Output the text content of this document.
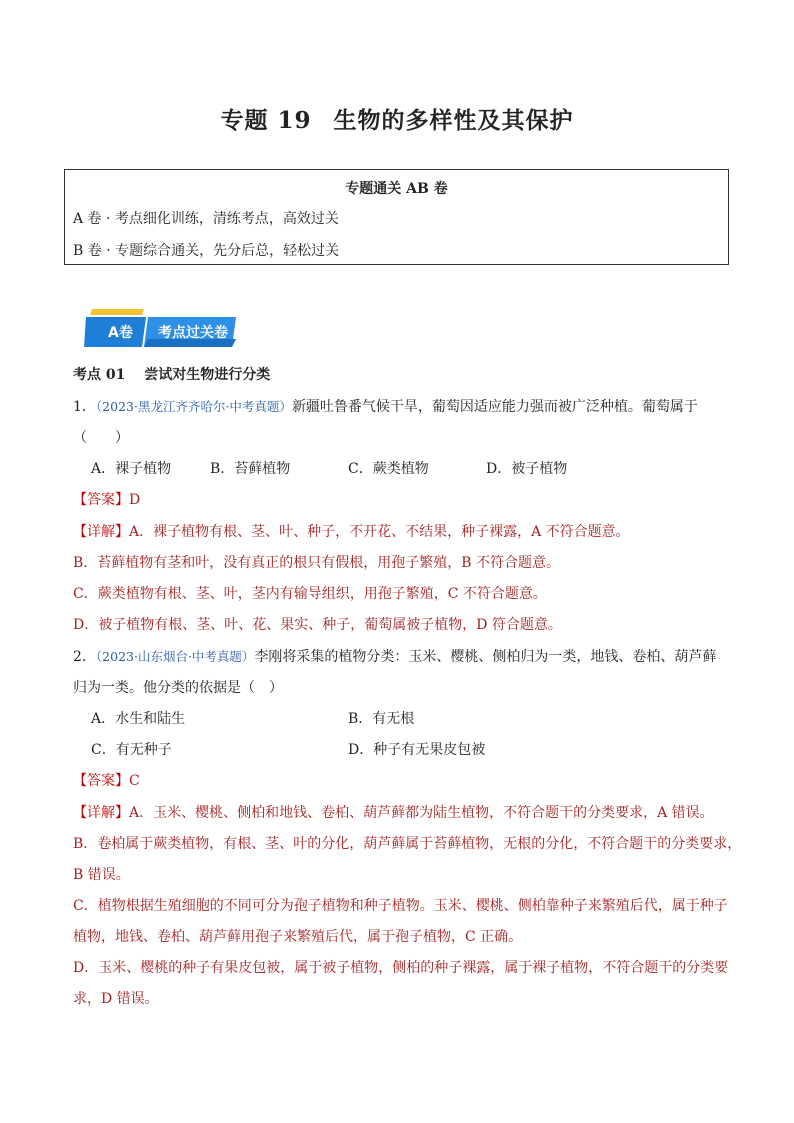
专题 19 生物的多样性及其保护
专题通关 AB 卷
A 卷 · 考点细化训练，清练考点，高效过关
B 卷 · 专题综合通关，先分后总，轻松过关
A卷 考点过关卷
考点 01　 尝试对生物进行分类
1．（2023·黑龙江齐齐哈尔·中考真题）新疆吐鲁番气候干旱，葡萄因适应能力强而被广泛种植。葡萄属于
（　　）
A．裸子植物	B．苔藓植物	C．蕨类植物	D．被子植物
【答案】D
【详解】A．裸子植物有根、茎、叶、种子，不开花、不结果，种子裸露，A 不符合题意。
B．苔藓植物有茎和叶，没有真正的根只有假根，用孢子繁殖，B 不符合题意。
C．蕨类植物有根、茎、叶，茎内有输导组织，用孢子繁殖，C 不符合题意。
D．被子植物有根、茎、叶、花、果实、种子，葡萄属被子植物，D 符合题意。
2．（2023·山东烟台·中考真题）李刚将采集的植物分类：玉米、樱桃、侧柏归为一类，地钱、卷柏、葫芦藓
归为一类。他分类的依据是（　）
A．水生和陆生	B．有无根
C．有无种子	D．种子有无果皮包被
【答案】C
【详解】A．玉米、樱桃、侧柏和地钱、卷柏、葫芦藓都为陆生植物，不符合题干的分类要求，A 错误。
B．卷柏属于蕨类植物，有根、茎、叶的分化，葫芦藓属于苔藓植物，无根的分化，不符合题干的分类要求，
B 错误。
C．植物根据生殖细胞的不同可分为孢子植物和种子植物。玉米、樱桃、侧柏靠种子来繁殖后代，属于种子
植物，地钱、卷柏、葫芦藓用孢子来繁殖后代，属于孢子植物，C 正确。
D．玉米、樱桃的种子有果皮包被，属于被子植物，侧柏的种子裸露，属于裸子植物，不符合题干的分类要
求，D 错误。
